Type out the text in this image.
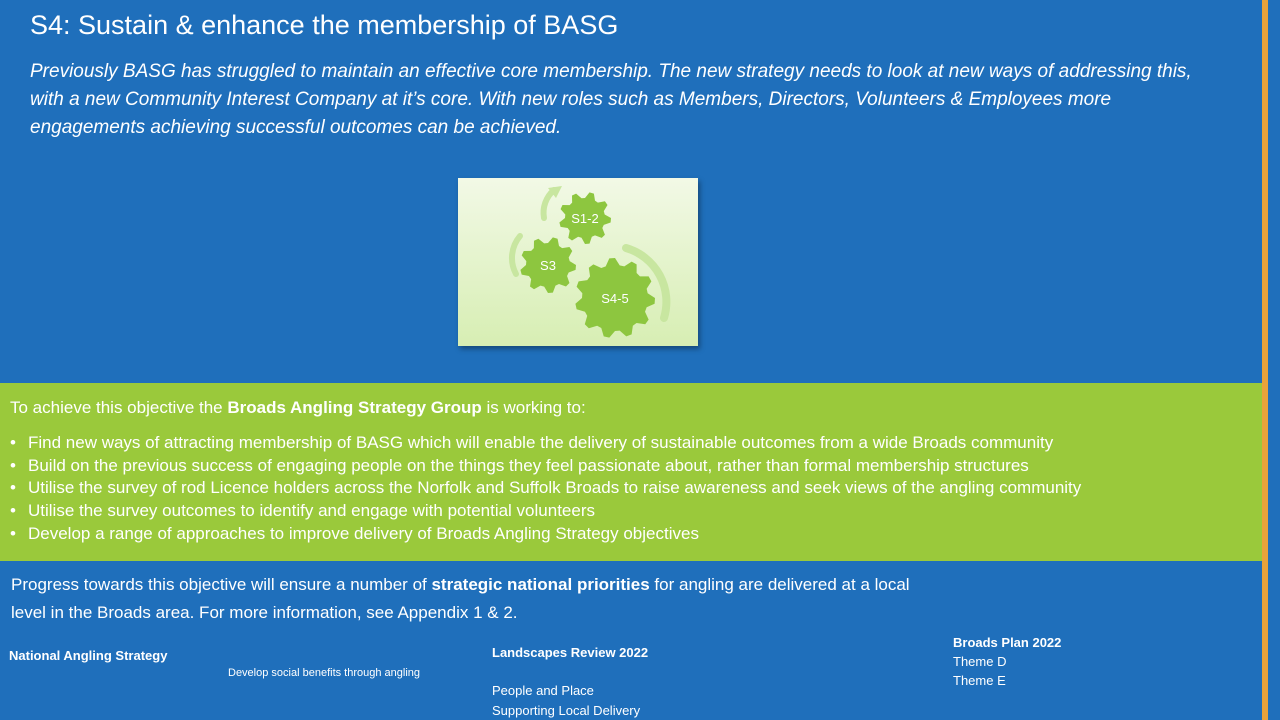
S4: Sustain & enhance the membership of BASG
Previously BASG has struggled to maintain an effective core membership. The new strategy needs to look at new ways of addressing this, with a new Community Interest Company at it’s core. With new roles such as Members, Directors, Volunteers & Employees more engagements achieving successful outcomes can be achieved.
S1-2
S3
S4-5
To achieve this objective the Broads Angling Strategy Group is working to:
• Find new ways of attracting membership of BASG which will enable the delivery of sustainable outcomes from a wide Broads community
• Build on the previous success of engaging people on the things they feel passionate about, rather than formal membership structures
• Utilise the survey of rod Licence holders across the Norfolk and Suffolk Broads to raise awareness and seek views of the angling community
• Utilise the survey outcomes to identify and engage with potential volunteers
• Develop a range of approaches to improve delivery of Broads Angling Strategy objectives
Progress towards this objective will ensure a number of strategic national priorities for angling are delivered at a local level in the Broads area. For more information, see Appendix 1 & 2.
National Angling Strategy
Develop social benefits through angling
Landscapes Review 2022
People and Place
Supporting Local Delivery
Broads Plan 2022
Theme D
Theme E
